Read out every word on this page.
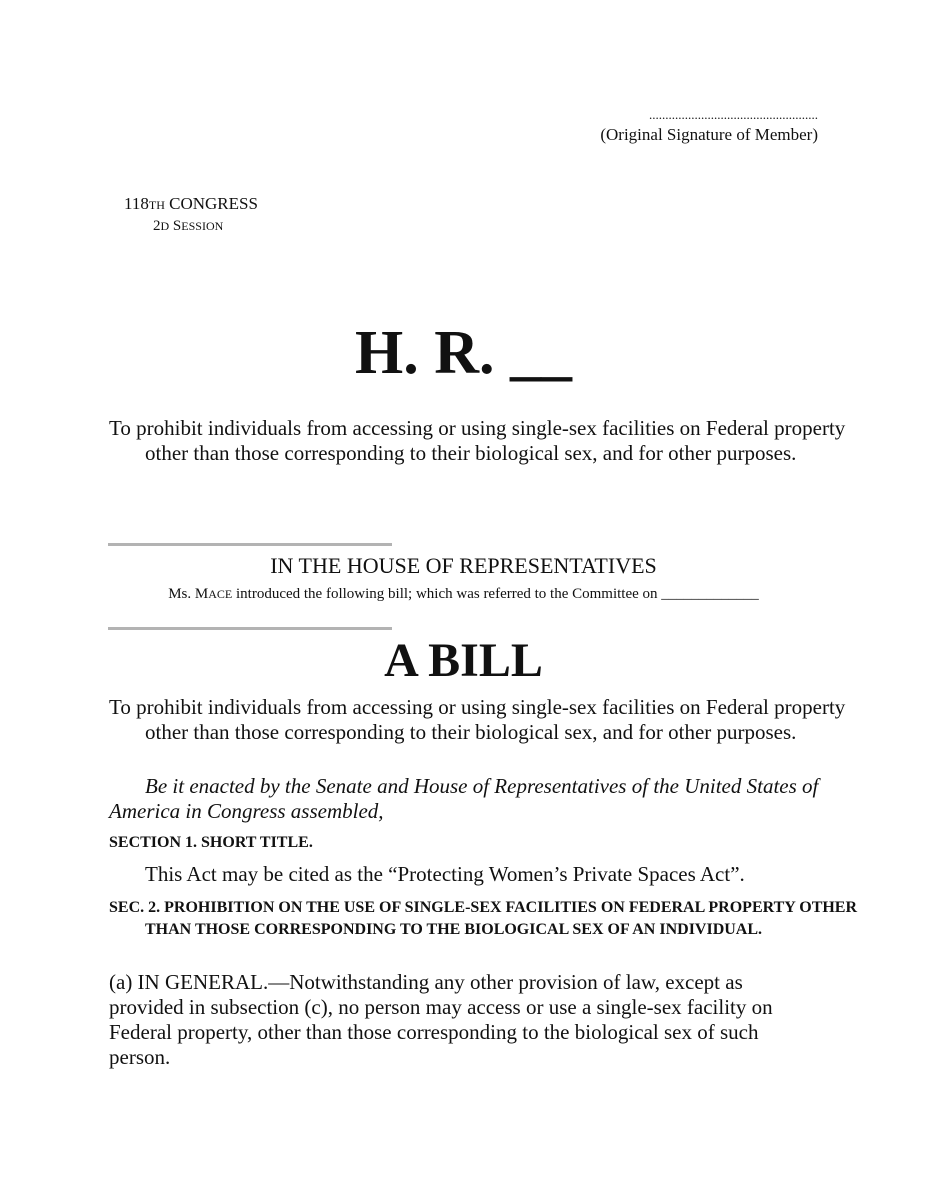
....................................................
(Original Signature of Member)
118TH CONGRESS
2D SESSION
H. R. __
To prohibit individuals from accessing or using single-sex facilities on Federal property other than those corresponding to their biological sex, and for other purposes.
IN THE HOUSE OF REPRESENTATIVES
Ms. MACE introduced the following bill; which was referred to the Committee on _____________
A BILL
To prohibit individuals from accessing or using single-sex facilities on Federal property other than those corresponding to their biological sex, and for other purposes.
Be it enacted by the Senate and House of Representatives of the United States of America in Congress assembled,
SECTION 1. SHORT TITLE.
This Act may be cited as the “Protecting Women’s Private Spaces Act”.
SEC. 2. PROHIBITION ON THE USE OF SINGLE-SEX FACILITIES ON FEDERAL PROPERTY OTHER THAN THOSE CORRESPONDING TO THE BIOLOGICAL SEX OF AN INDIVIDUAL.
(a) IN GENERAL.—Notwithstanding any other provision of law, except as provided in subsection (c), no person may access or use a single-sex facility on Federal property, other than those corresponding to the biological sex of such person.
